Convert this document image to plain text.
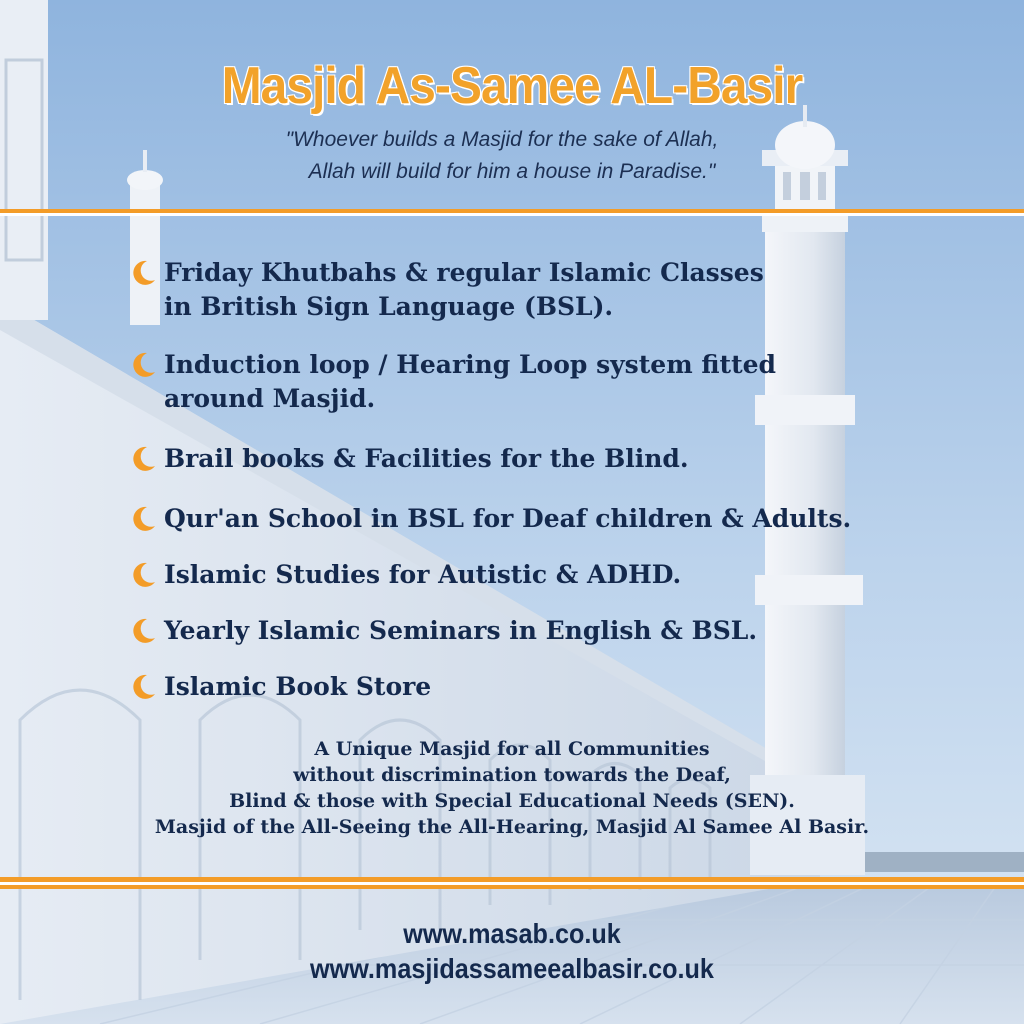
Masjid As-Samee AL-Basir
"Whoever builds a Masjid for the sake of Allah,
Allah will build for him a house in Paradise."
Friday Khutbahs & regular Islamic Classes
in British Sign Language (BSL).
Induction loop / Hearing Loop system fitted
around Masjid.
Brail books & Facilities for the Blind.
Qur'an School in BSL for Deaf children & Adults.
Islamic Studies for Autistic & ADHD.
Yearly Islamic Seminars in English & BSL.
Islamic Book Store
A Unique Masjid for all Communities
without discrimination towards the Deaf,
Blind & those with Special Educational Needs (SEN).
Masjid of the All-Seeing the All-Hearing, Masjid Al Samee Al Basir.
www.masab.co.uk
www.masjidassameealbasir.co.uk
